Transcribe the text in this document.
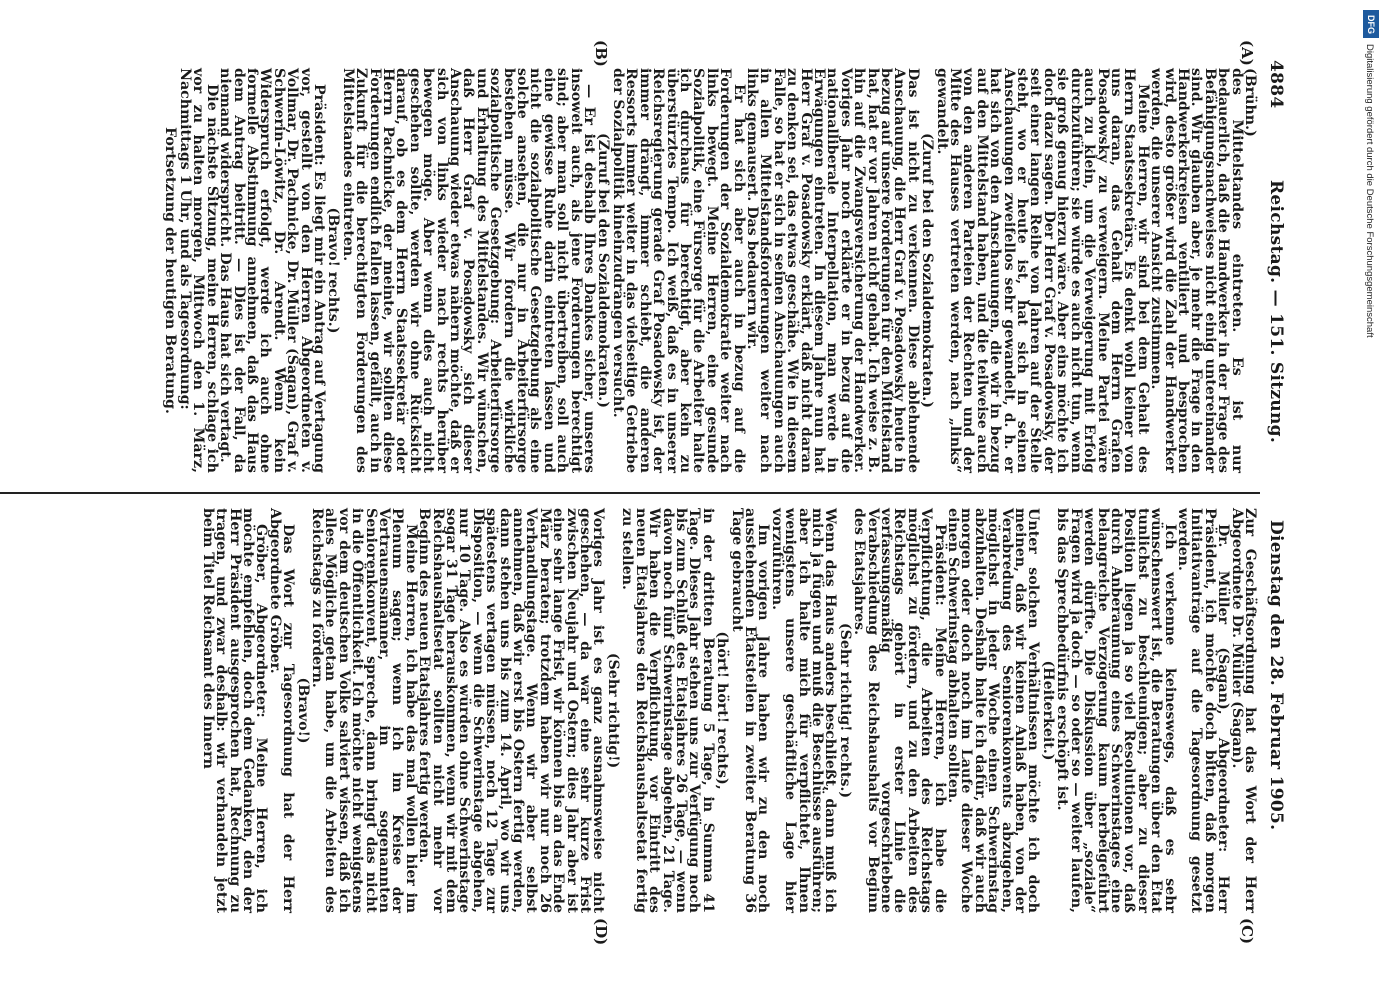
4884
Reichstag. — 151. Sitzung.
Dienstag den 28. Februar 1905.
(A)
(B)
(C)
(D)

(Brühn.)

des Mittelstandes eintreten. Es ist nur bedauerlich, daß die Handwerker in der Frage des Befähigungsnachweises nicht einig untereinander sind. Wir glauben aber, je mehr die Frage in den Handwerkerkreisen ventiliert und besprochen wird, desto größer wird die Zahl der Handwerker werden, die unserer Ansicht zustimmen.

Meine Herren, wir sind bei dem Gehalt des Herrn Staatssekretärs. Es denkt wohl keiner von uns daran, das Gehalt dem Herrn Grafen Posadowsky zu verweigern. Meine Partei wäre auch zu klein, um die Verweigerung mit Erfolg durchzuführen; sie würde es auch nicht tun, wenn sie groß genug hierzu wäre. Aber eins möchte ich doch dazu sagen. Der Herr Graf v. Posadowsky, der seit einer langen Reihe von Jahren auf der Stelle steht, wo er heute ist, hat sich in seinen Anschauungen zweifellos sehr gewandelt, d. h. er hat sich von den Anschauungen, die wir in bezug auf den Mittelstand haben, und die teilweise auch von den anderen Parteien der Rechten und der Mitte des Hauses vertreten werden, nach „links“ gewandelt.

(Zuruf bei den Sozialdemokraten.)

Das ist nicht zu verkennen. Diese ablehnende Anschauung, die Herr Graf v. Posadowsky heute in bezug auf unsere Forderungen für den Mittelstand hat, hat er vor Jahren nicht gehabt. Ich weise z. B. hin auf die Zwangsversicherung der Handwerker. Voriges Jahr noch erklärte er in bezug auf die nationalliberale Interpellation, man werde in Erwägungen eintreten. In diesem Jahre nun hat Herr Graf v. Posadowsky erklärt, daß nicht daran zu denken sei, das etwas geschähe. Wie in diesem Falle, so hat er sich in seinen Anschauungen auch in allen Mittelstandsforderungen weiter nach links gemausert. Das bedauern wir.

Er hat sich aber auch in bezug auf die Forderungen der Sozialdemokratie weiter nach links bewegt. Meine Herren, eine gesunde Sozialpolitik, eine Fürsorge für die Arbeiter halte ich durchaus für berechtigt, aber kein zu überstürztes Tempo. Ich weiß, daß es in unserer Reichsregierung gerade Graf Posadowsky ist, der immer drängt, immer schiebt, die anderen Ressorts immer weiter in das vielseitige Getriebe der Sozialpolitik hineinzudrängen versucht.

(Zuruf bei den Sozialdemokraten.)

— Er ist deshalb Ihres Dankes sicher, unseres insoweit auch, als jene Forderungen berechtigt sind; aber man soll nicht übertreiben, soll auch eine gewisse Ruhe darin eintreten lassen und nicht die sozialpolitische Gesetzgebung als eine solche ansehen, die nur in Arbeiterfürsorge bestehen müsse. Wir fordern die wirkliche sozialpolitische Gesetzgebung: Arbeiterfürsorge und Erhaltung des Mittelstandes. Wir wünschen, daß Herr Graf v. Posadowsky sich dieser Anschauung wieder etwas nähern möchte, daß er sich von links wieder nach rechts herüber bewegen möge. Aber wenn dies auch nicht geschehen sollte, werden wir ohne Rücksicht darauf, ob es dem Herrn Staatssekretär oder Herrn Pachnicke, der meinte, wir sollten diese Forderungen endlich fallen lassen, gefällt, auch in Zukunft für die berechtigten Forderungen des Mittelstandes eintreten.

(Bravo! rechts.)

Präsident: Es liegt mir ein Antrag auf Vertagung vor, gestellt von den Herren Abgeordneten v. Vollmar, Dr. Pachnicke, Dr. Müller (Sagan), Graf v. Schwerin-Löwitz, Dr. Arendt. Wenn kein Widerspruch erfolgt, werde ich auch ohne formelle Abstimmung annehmen, daß das Haus dem Antrag beitritt. — Dies ist der Fall, da niemand widerspricht. Das Haus hat sich vertagt.

Die nächste Sitzung, meine Herren, schlage ich vor zu halten morgen, Mittwoch den 1. März, Nachmittags 1 Uhr, und als Tagesordnung:

Fortsetzung der heutigen Beratung.

Zur Geschäftsordnung hat das Wort der Herr Abgeordnete Dr. Müller (Sagan).

Dr. Müller (Sagan), Abgeordneter: Herr Präsident, ich möchte doch bitten, daß morgen Initiativanträge auf die Tagesordnung gesetzt werden.

Ich verkenne keineswegs, daß es sehr wünschenswert ist, die Beratungen über den Etat tunlichst zu beschleunigen; aber zu dieser Position liegen ja so viel Resolutionen vor, daß durch Anberaumung eines Schwerinstages eine belangreiche Verzögerung kaum herbeigeführt werden dürfte. Die Diskussion über „soziale“ Fragen wird ja doch — so oder so — weiter laufen, bis das Sprechbedürfnis erschöpft ist.

(Heiterkeit.)

Unter solchen Verhältnissen möchte ich doch meinen, daß wir keinen Anlaß haben, von der Verabredung des Seniorenkonvents abzugehen, möglichst in jeder Woche einen Schwerinstag abzuhalten. Deshalb halte ich dafür, daß wir auch morgen oder doch noch im Laufe dieser Woche einen Schwerinstag abhalten sollten.

Präsident: Meine Herren, ich habe die Verpflichtung, die Arbeiten des Reichstags möglichst zu fördern, und zu den Arbeiten des Reichstags gehört in erster Linie die verfassungsmäßig vorgeschriebene Verabschiedung des Reichshaushalts vor Beginn des Etatsjahres.

(Sehr richtig! rechts.)

Wenn das Haus anders beschließt, dann muß ich mich ja fügen und muß die Beschlüsse ausführen; aber ich halte mich für verpflichtet, Ihnen wenigstens unsere geschäftliche Lage hier vorzuführen.

Im vorigen Jahre haben wir zu den noch ausstehenden Etatsteilen in zweiter Beratung 36 Tage gebraucht

(hört! hört! rechts),

in der dritten Beratung 5 Tage, in Summa 41 Tage. Dieses Jahr stehen uns zur Verfügung noch bis zum Schluß des Etatsjahres 26 Tage, — wenn davon noch fünf Schwerinstage abgehen, 21 Tage. Wir haben die Verpflichtung, vor Eintritt des neuen Etatsjahres den Reichshaushaltsetat fertig zu stellen.

(Sehr richtig!)

Voriges Jahr ist es ganz ausnahmsweise nicht geschehen, — da war eine sehr kurze Frist zwischen Neujahr und Ostern; dies Jahr aber ist eine sehr lange Frist, wir können bis an das Ende März beraten; trotzdem haben wir nur noch 26 Verhandlungstage. Wenn wir aber selbst annehmen, daß wir erst bis Ostern fertig werden, dann stehen uns bis zum 14. April, wo wir uns spätestens vertagen müssen, noch 12 Tage zur Disposition, — wenn die Schwerinstage abgehen, nur 10 Tage. Also es würden ohne Schwerinstage sogar 31 Tage herauskommen, wenn wir mit dem Reichshaushaltsetat sollten nicht mehr vor Beginn des neuen Etatsjahres fertig werden.

Meine Herren, ich habe das mal wollen hier im Plenum sagen; wenn ich im Kreise der Vertrauensmänner, im sogenannten Seniorenkonvent, spreche, dann bringt das nicht in die Öffentlichkeit. Ich möchte nicht wenigstens vor dem deutschen Volke salviert wissen, daß ich alles Mögliche getan habe, um die Arbeiten des Reichstags zu fördern.

(Bravo!)

Das Wort zur Tagesordnung hat der Herr Abgeordnete Gröber.

Gröber, Abgeordneter: Meine Herren, ich möchte empfehlen, doch dem Gedanken, den der Herr Präsident ausgesprochen hat, Rechnung zu tragen, und zwar deshalb: wir verhandeln jetzt beim Titel Reichsamt des Innern

DFG
Digitalisierung gefördert durch die Deutsche Forschungsgemeinschaft
